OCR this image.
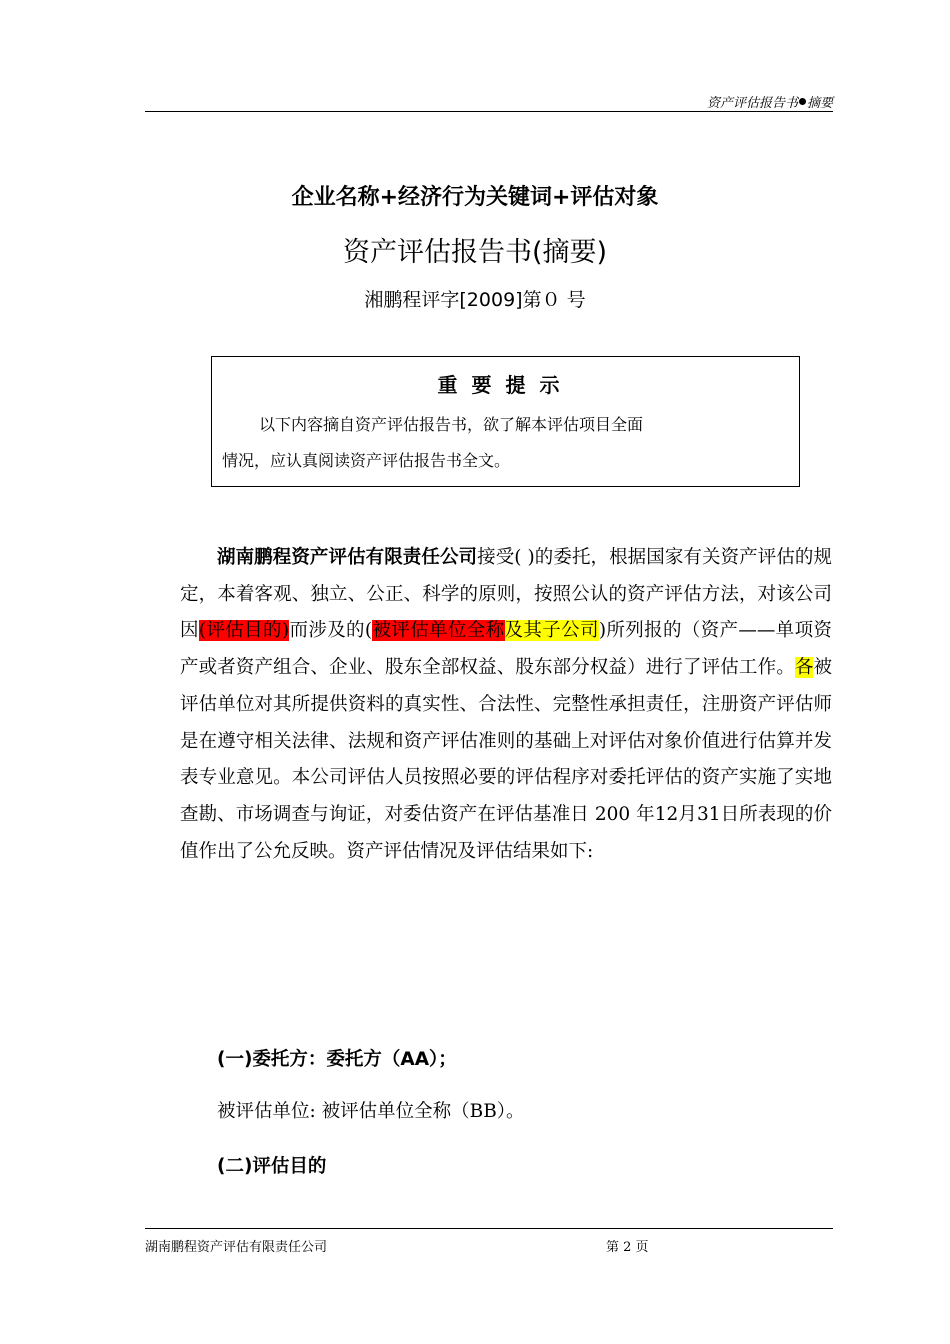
资产评估报告书 摘要
企业名称+经济行为关键词+评估对象
资产评估报告书(摘要)
湘鹏程评字[2009]第０ 号
重要提示
以下内容摘自资产评估报告书，欲了解本评估项目全面
情况，应认真阅读资产评估报告书全文。

湖南鹏程资产评估有限责任公司接受( )的委托，根据国家有关资产评估的规定，本着客观、独立、公正、科学的原则，按照公认的资产评估方法，对该公司因(评估目的)而涉及的(被评估单位全称及其子公司)所列报的（资产——单项资产或者资产组合、企业、股东全部权益、股东部分权益）进行了评估工作。各被评估单位对其所提供资料的真实性、合法性、完整性承担责任，注册资产评估师是在遵守相关法律、法规和资产评估准则的基础上对评估对象价值进行估算并发表专业意见。本公司评估人员按照必要的评估程序对委托评估的资产实施了实地查勘、市场调查与询证，对委估资产在评估基准日 200 年12月31日所表现的价值作出了公允反映。资产评估情况及评估结果如下:

(一)委托方：委托方（AA）；
被评估单位: 被评估单位全称（BB）。
(二)评估目的
湖南鹏程资产评估有限责任公司	第 2 页
